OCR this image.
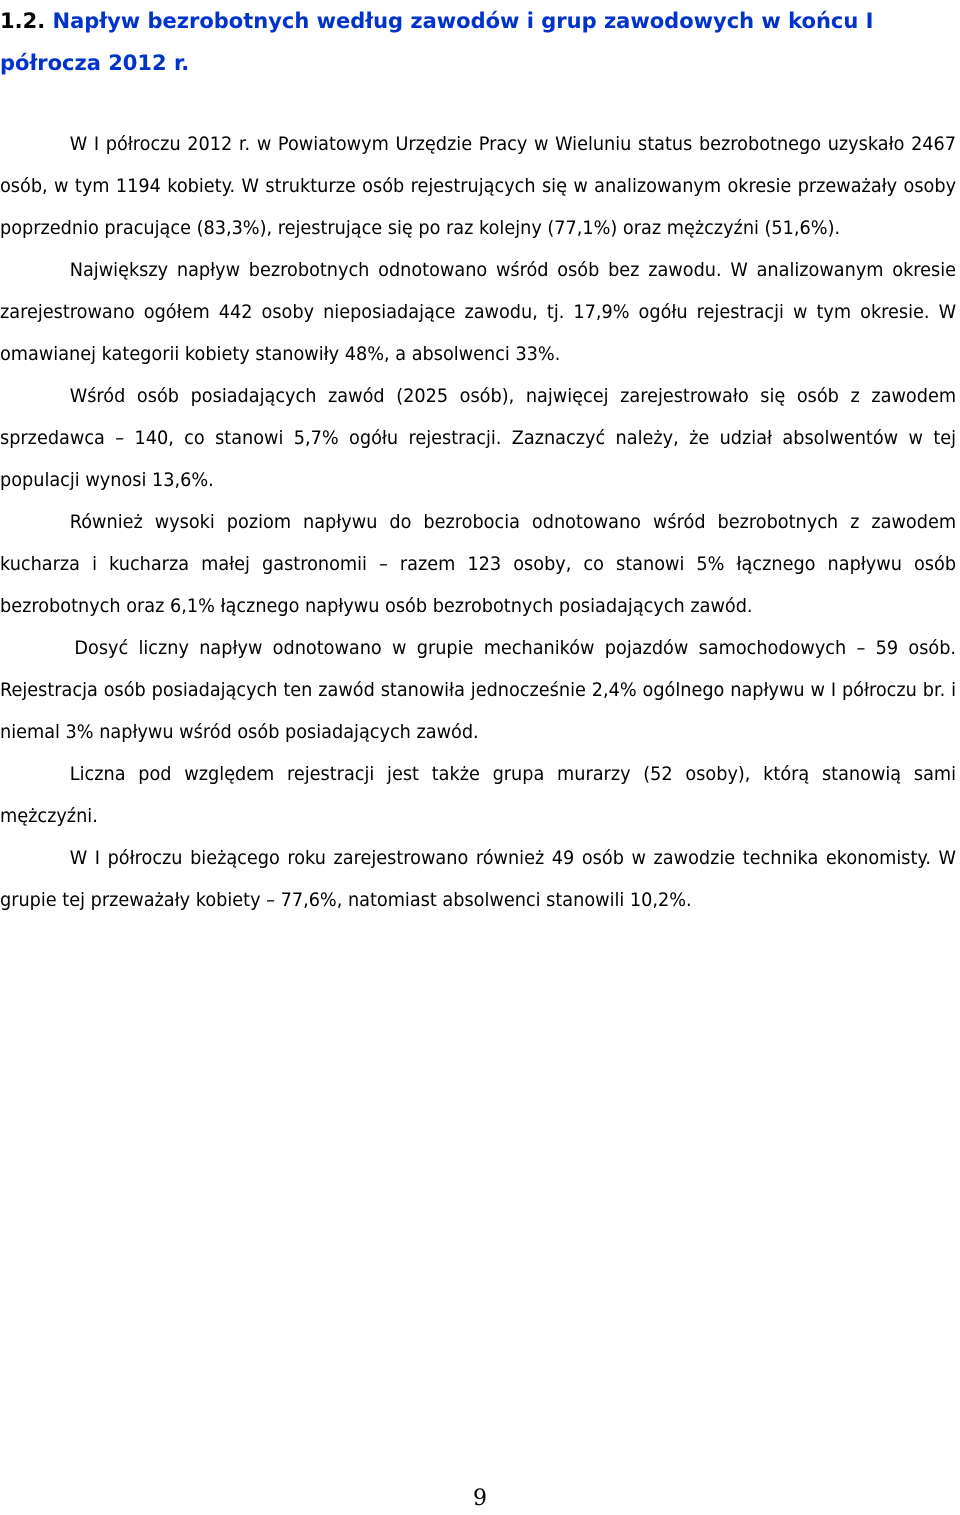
1.2. Napływ bezrobotnych według zawodów i grup zawodowych w końcu I półrocza 2012 r.

W I półroczu 2012 r. w Powiatowym Urzędzie Pracy w Wieluniu status bezrobotnego uzyskało 2467 osób, w tym 1194 kobiety. W strukturze osób rejestrujących się w analizowanym okresie przeważały osoby poprzednio pracujące (83,3%), rejestrujące się po raz kolejny (77,1%) oraz mężczyźni (51,6%).

Największy napływ bezrobotnych odnotowano wśród osób bez zawodu. W analizowanym okresie zarejestrowano ogółem 442 osoby nieposiadające zawodu, tj. 17,9% ogółu rejestracji w tym okresie. W omawianej kategorii kobiety stanowiły 48%, a absolwenci 33%.

Wśród osób posiadających zawód (2025 osób), najwięcej zarejestrowało się osób z zawodem sprzedawca – 140, co stanowi 5,7% ogółu rejestracji. Zaznaczyć należy, że udział absolwentów w tej populacji wynosi 13,6%.

Również wysoki poziom napływu do bezrobocia odnotowano wśród bezrobotnych z zawodem kucharza i kucharza małej gastronomii – razem 123 osoby, co stanowi 5% łącznego napływu osób bezrobotnych oraz 6,1% łącznego napływu osób bezrobotnych posiadających zawód.

Dosyć liczny napływ odnotowano w grupie mechaników pojazdów samochodowych – 59 osób. Rejestracja osób posiadających ten zawód stanowiła jednocześnie 2,4% ogólnego napływu w I półroczu br. i niemal 3% napływu wśród osób posiadających zawód.

Liczna pod względem rejestracji jest także grupa murarzy (52 osoby), którą stanowią sami mężczyźni.

W I półroczu bieżącego roku zarejestrowano również 49 osób w zawodzie technika ekonomisty. W grupie tej przeważały kobiety – 77,6%, natomiast absolwenci stanowili 10,2%.

9
